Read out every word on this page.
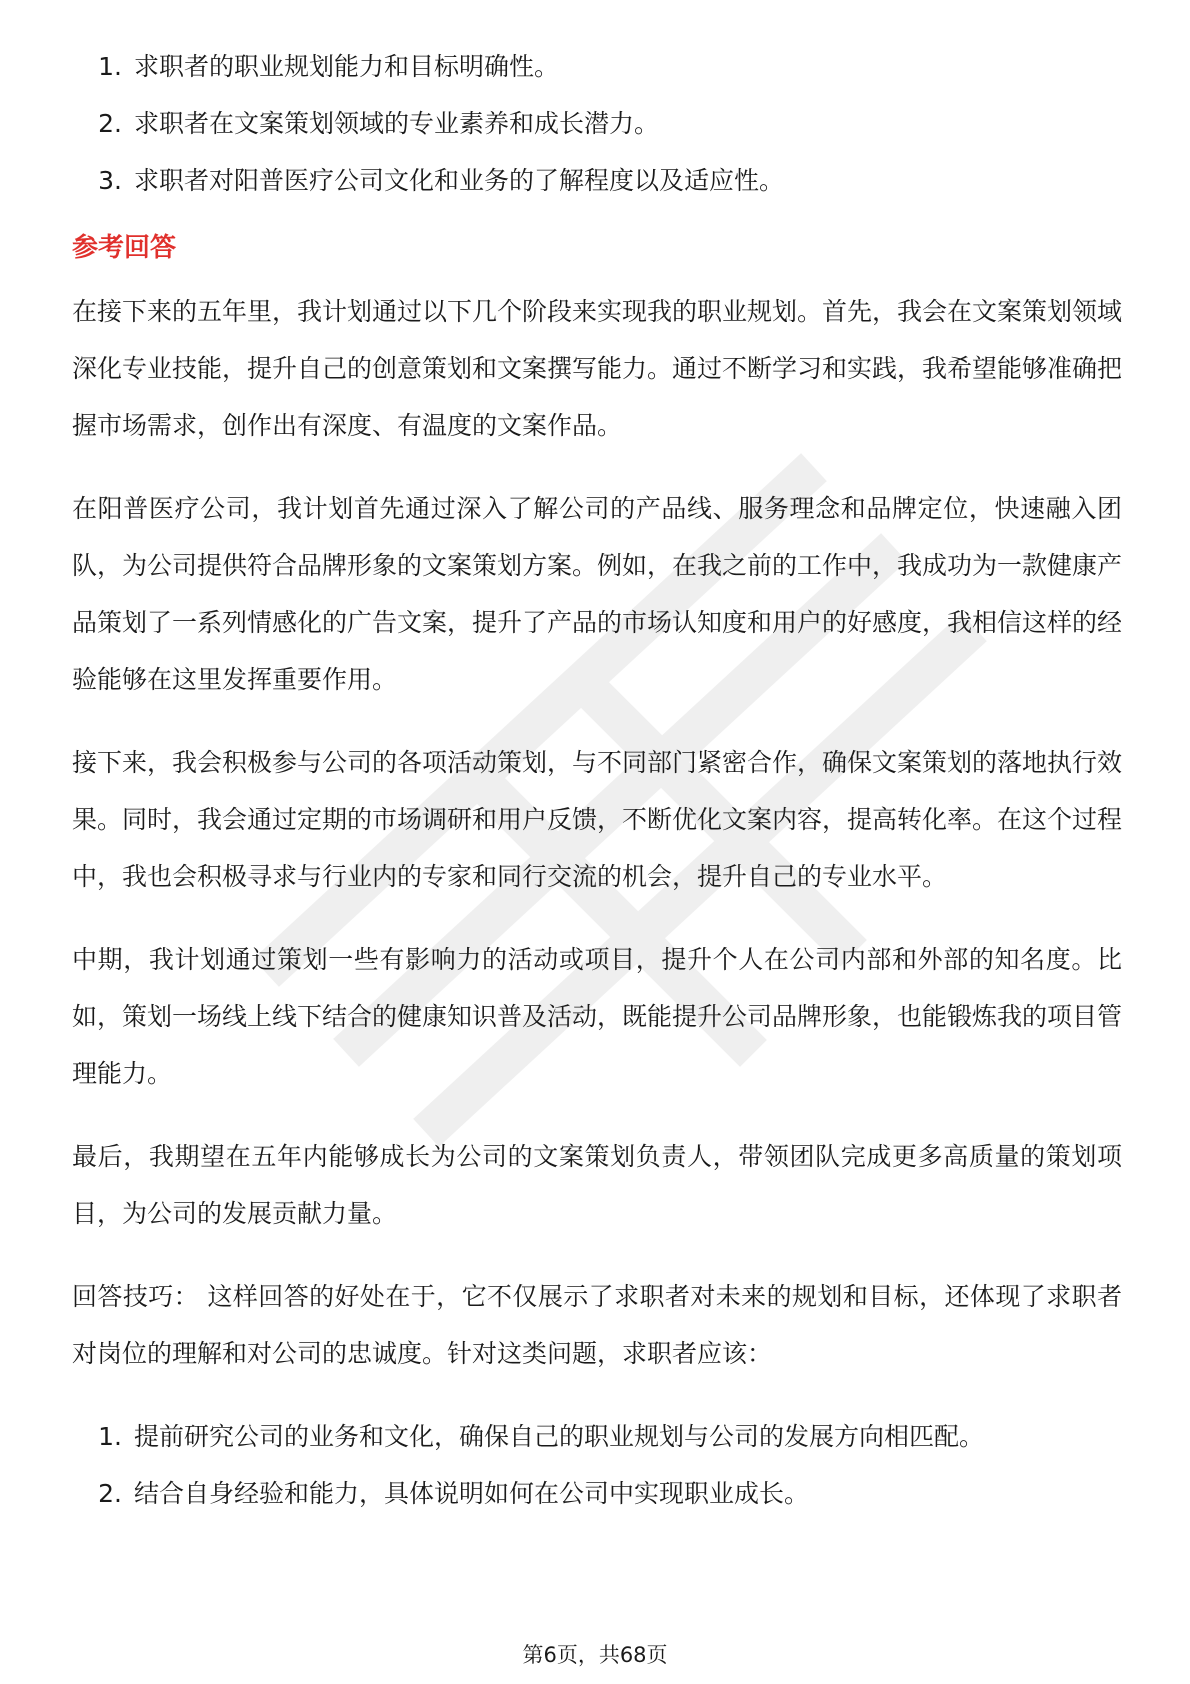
1. 求职者的职业规划能力和目标明确性。
2. 求职者在文案策划领域的专业素养和成长潜力。
3. 求职者对阳普医疗公司文化和业务的了解程度以及适应性。
参考回答

在接下来的五年里，我计划通过以下几个阶段来实现我的职业规划。首先，我会在文案策划领域深化专业技能，提升自己的创意策划和文案撰写能力。通过不断学习和实践，我希望能够准确把握市场需求，创作出有深度、有温度的文案作品。

在阳普医疗公司，我计划首先通过深入了解公司的产品线、服务理念和品牌定位，快速融入团队，为公司提供符合品牌形象的文案策划方案。例如，在我之前的工作中，我成功为一款健康产品策划了一系列情感化的广告文案，提升了产品的市场认知度和用户的好感度，我相信这样的经验能够在这里发挥重要作用。

接下来，我会积极参与公司的各项活动策划，与不同部门紧密合作，确保文案策划的落地执行效果。同时，我会通过定期的市场调研和用户反馈，不断优化文案内容，提高转化率。在这个过程中，我也会积极寻求与行业内的专家和同行交流的机会，提升自己的专业水平。

中期，我计划通过策划一些有影响力的活动或项目，提升个人在公司内部和外部的知名度。比如，策划一场线上线下结合的健康知识普及活动，既能提升公司品牌形象，也能锻炼我的项目管理能力。

最后，我期望在五年内能够成长为公司的文案策划负责人，带领团队完成更多高质量的策划项目，为公司的发展贡献力量。

回答技巧： 这样回答的好处在于，它不仅展示了求职者对未来的规划和目标，还体现了求职者对岗位的理解和对公司的忠诚度。针对这类问题，求职者应该：

1. 提前研究公司的业务和文化，确保自己的职业规划与公司的发展方向相匹配。
2. 结合自身经验和能力，具体说明如何在公司中实现职业成长。
第6页，共68页
